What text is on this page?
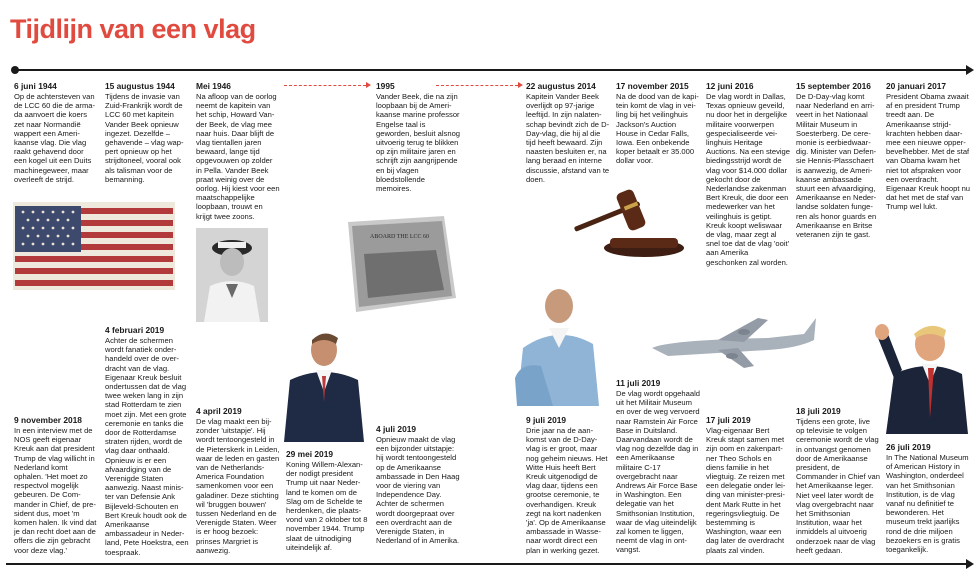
Tijdlijn van een vlag
6 juni 1944
Op de achtersteven van de LCC 60 die de armada aanvoert die koers zet naar Normandië wappert een Amerikaanse vlag. Die vlag raakt gehavend door een kogel uit een Duits machinegeweer, maar overleeft de strijd.
15 augustus 1944
Tijdens de invasie van Zuid-Frankrijk wordt de LCC 60 met kapitein Vander Beek opnieuw ingezet. Dezelfde – gehavende – vlag wappert opnieuw op het strijdtoneel, vooral ook als talisman voor de bemanning.
Mei 1946
Na afloop van de oorlog neemt de kapitein van het schip, Howard Vander Beek, de vlag mee naar huis. Daar blijft de vlag tientallen jaren bewaard, lange tijd opgevouwen op zolder in Pella. Vander Beek praat weinig over de oorlog. Hij kiest voor een maatschappelijke loopbaan, trouwt en krijgt twee zoons.
1995
Vander Beek, die na zijn loopbaan bij de Amerikaanse marine professor Engelse taal is geworden, besluit alsnog uitvoerig terug te blikken op zijn militaire jaren en schrijft zijn aangrijpende en bij vlagen bloedstollende memoires.
22 augustus 2014
Kapitein Vander Beek overlijdt op 97-jarige leeftijd. In zijn nalatenschap bevindt zich de D-Day-vlag, die hij al die tijd heeft bewaard. Zijn naasten besluiten er, na lang beraad en interne discussie, afstand van te doen.
17 november 2015
Na de dood van de kapitein komt de vlag in veiling bij het veilinghuis Jackson's Auction House in Cedar Falls, Iowa. Een onbekende koper betaalt er 35.000 dollar voor.
12 juni 2016
De vlag wordt in Dallas, Texas opnieuw geveild, nu door het in dergelijke militaire voorwerpen gespecialiseerde veilinghuis Heritage Auctions. Na een stevige biedingsstrijd wordt de vlag voor $14.000 dollar gekocht door de Nederlandse zakenman Bert Kreuk, die door een medewerker van het veilinghuis is getipt. Kreuk koopt weliswaar de vlag, maar zegt al snel toe dat de vlag 'ooit' aan Amerika geschonken zal worden.
15 september 2016
De D-Day-vlag komt naar Nederland en arriveert in het Nationaal Militair Museum in Soesterberg. De ceremonie is eerbiedwaardig. Minister van Defensie Hennis-Plasschaert is aanwezig, de Amerikaanse ambassade stuurt een afvaardiging, Amerikaanse en Nederlandse soldaten fungeren als honor guards en Amerikaanse en Britse veteranen zijn te gast.
20 januari 2017
President Obama zwaait af en president Trump treedt aan. De Amerikaanse strijdkrachten hebben daarmee een nieuwe opperbevelhebber. Met de staf van Obama kwam het niet tot afspraken voor een overdracht. Eigenaar Kreuk hoopt nu dat het met de staf van Trump wel lukt.
9 november 2018
In een interview met de NOS geeft eigenaar Kreuk aan dat president Trump de vlag willicht in Nederland komt ophalen. 'Het moet zo respectvol mogelijk gebeuren. De Commander in Chief, de president dus, moet 'm komen halen. Ik vind dat je dan recht doet aan de offers die zijn gebracht voor deze vlag.'
4 februari 2019
Achter de schermen wordt fanatiek onderhandeld over de overdracht van de vlag. Eigenaar Kreuk besluit ondertussen dat de vlag twee weken lang in zijn stad Rotterdam te zien moet zijn. Met een grote ceremonie en tanks die door de Rotterdamse straten rijden, wordt de vlag daar onthaald. Opnieuw is er een afvaardiging van de Verenigde Staten aanwezig. Naast minister van Defensie Ank Bijleveld-Schouten en Bert Kreuk houdt ook de Amerikaanse ambassadeur in Nederland, Pete Hoekstra, een toespraak.
4 april 2019
De vlag maakt een bijzonder 'uitstapje'. Hij wordt tentoongesteld in de Pieterskerk in Leiden, waar de leden en gasten van de Netherlands-America Foundation samenkomen voor een galadiner. Deze stichting wil 'bruggen bouwen' tussen Nederland en de Verenigde Staten. Weer is er hoog bezoek: prinses Margriet is aanwezig.
29 mei 2019
Koning Willem-Alexander nodigt president Trump uit naar Nederland te komen om de Slag om de Schelde te herdenken, die plaatsvond van 2 oktober tot 8 november 1944. Trump slaat de uitnodiging uiteindelijk af.
4 juli 2019
Opnieuw maakt de vlag een bijzonder uitstapje: hij wordt tentoongesteld op de Amerikaanse ambassade in Den Haag voor de viering van Independence Day. Achter de schermen wordt doorgepraat over een overdracht aan de Verenigde Staten, in Nederland of in Amerika.
9 juli 2019
Drie jaar na de aankomst van de D-Day-vlag is er groot, maar nog geheim nieuws. Het Witte Huis heeft Bert Kreuk uitgenodigd de vlag daar, tijdens een grootse ceremonie, te overhandigen. Kreuk zegt na kort nadenken 'ja'. Op de Amerikaanse ambassade in Wassenaar wordt direct een plan in werking gezet.
11 juli 2019
De vlag wordt opgehaald uit het Militair Museum en over de weg vervoerd naar Ramstein Air Force Base in Duitsland. Daarvandaan wordt de vlag nog dezelfde dag in een Amerikaanse militaire C-17 overgebracht naar Andrews Air Force Base in Washington. Een delegatie van het Smithsonian Institution, waar de vlag uiteindelijk zal komen te liggen, neemt de vlag in ontvangst.
17 juli 2019
Vlag-eigenaar Bert Kreuk stapt samen met zijn oom en zakenpartner Theo Schols en diens familie in het vliegtuig. Ze reizen met een delegatie onder leiding van minister-president Mark Rutte in het regeringsvliegtuig. De bestemming is Washington, waar een dag later de overdracht plaats zal vinden.
18 juli 2019
Tijdens een grote, live op televisie te volgen ceremonie wordt de vlag in ontvangst genomen door de Amerikaanse president, de Commander in Chief van het Amerikaanse leger. Niet veel later wordt de vlag overgebracht naar het Smithsonian Institution, waar het inmiddels al uitvoerig onderzoek naar de vlag heeft gedaan.
26 juli 2019
In The National Museum of American History in Washington, onderdeel van het Smithsonian Institution, is de vlag vanaf nu definitief te bewonderen. Het museum trekt jaarlijks rond de drie miljoen bezoekers en is gratis toegankelijk.
ABOARD THE LCC 60
